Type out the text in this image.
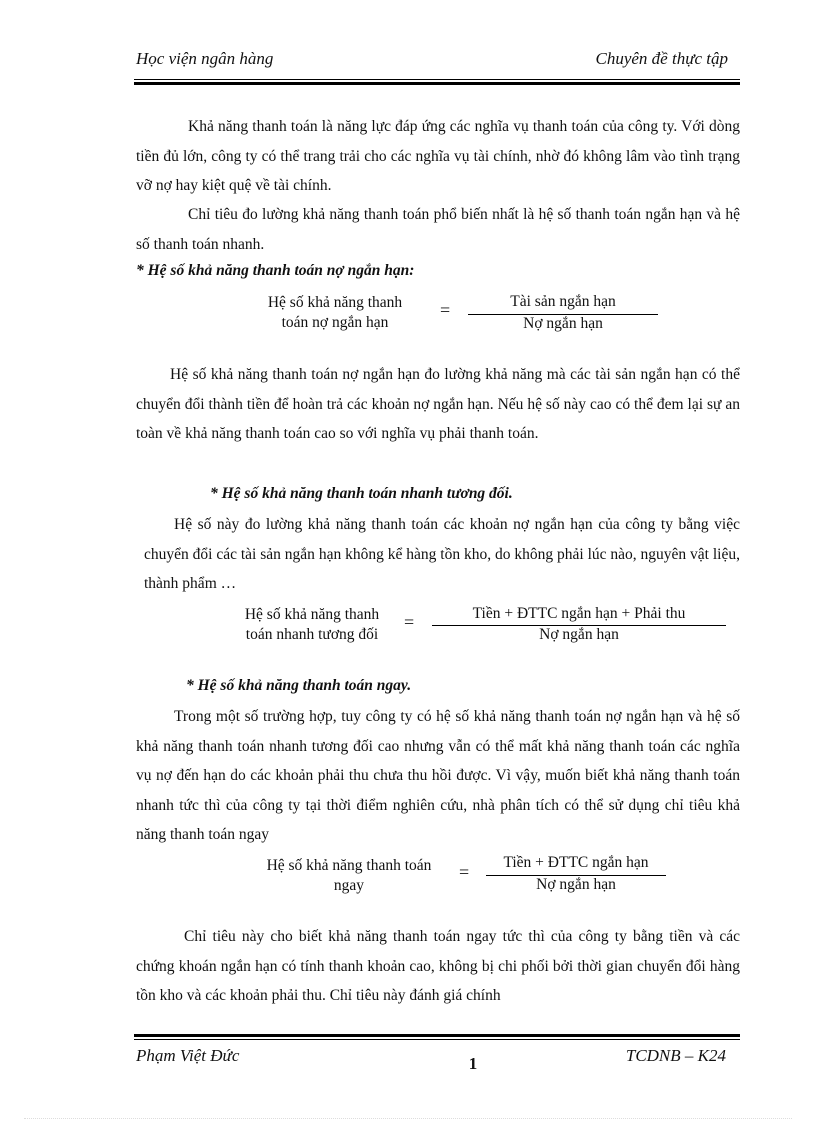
Học viện ngân hàng	Chuyên đề thực tập

Khả năng thanh toán là năng lực đáp ứng các nghĩa vụ thanh toán của công ty. Với dòng tiền đủ lớn, công ty có thể trang trải cho các nghĩa vụ tài chính, nhờ đó không lâm vào tình trạng vỡ nợ hay kiệt quệ về tài chính.

Chỉ tiêu đo lường khả năng thanh toán phổ biến nhất là hệ số thanh toán ngắn hạn và hệ số thanh toán nhanh.

* Hệ số khả năng thanh toán nợ ngắn hạn:

Hệ số khả năng thanh
toán nợ ngắn hạn
=	Tài sản ngắn hạn
Nợ ngắn hạn

Hệ số khả năng thanh toán nợ ngắn hạn đo lường khả năng mà các tài sản ngắn hạn có thể chuyển đổi thành tiền để hoàn trả các khoản nợ ngắn hạn. Nếu hệ số này cao có thể đem lại sự an toàn về khả năng thanh toán cao so với nghĩa vụ phải thanh toán.

* Hệ số khả năng thanh toán nhanh tương đối.

Hệ số này đo lường khả năng thanh toán các khoản nợ ngắn hạn của công ty bằng việc chuyển đổi các tài sản ngắn hạn không kể hàng tồn kho, do không phải lúc nào, nguyên vật liệu, thành phẩm …

Hệ số khả năng thanh
toán nhanh tương đối
=	Tiền + ĐTTC ngắn hạn + Phải thu
Nợ ngắn hạn

* Hệ số khả năng thanh toán ngay.

Trong một số trường hợp, tuy công ty có hệ số khả năng thanh toán nợ ngắn hạn và hệ số khả năng thanh toán nhanh tương đối cao nhưng vẫn có thể mất khả năng thanh toán các nghĩa vụ nợ đến hạn do các khoản phải thu chưa thu hồi được. Vì vậy, muốn biết khả năng thanh toán nhanh tức thì của công ty tại thời điểm nghiên cứu, nhà phân tích có thể sử dụng chỉ tiêu khả năng thanh toán ngay

Hệ số khả năng thanh toán
ngay
=	Tiền + ĐTTC ngắn hạn
Nợ ngắn hạn

Chỉ tiêu này cho biết khả năng thanh toán ngay tức thì của công ty bằng tiền và các chứng khoán ngắn hạn có tính thanh khoản cao, không bị chi phối bởi thời gian chuyển đổi hàng tồn kho và các khoản phải thu. Chỉ tiêu này đánh giá chính

Phạm Việt Đức	1	TCDNB – K24
